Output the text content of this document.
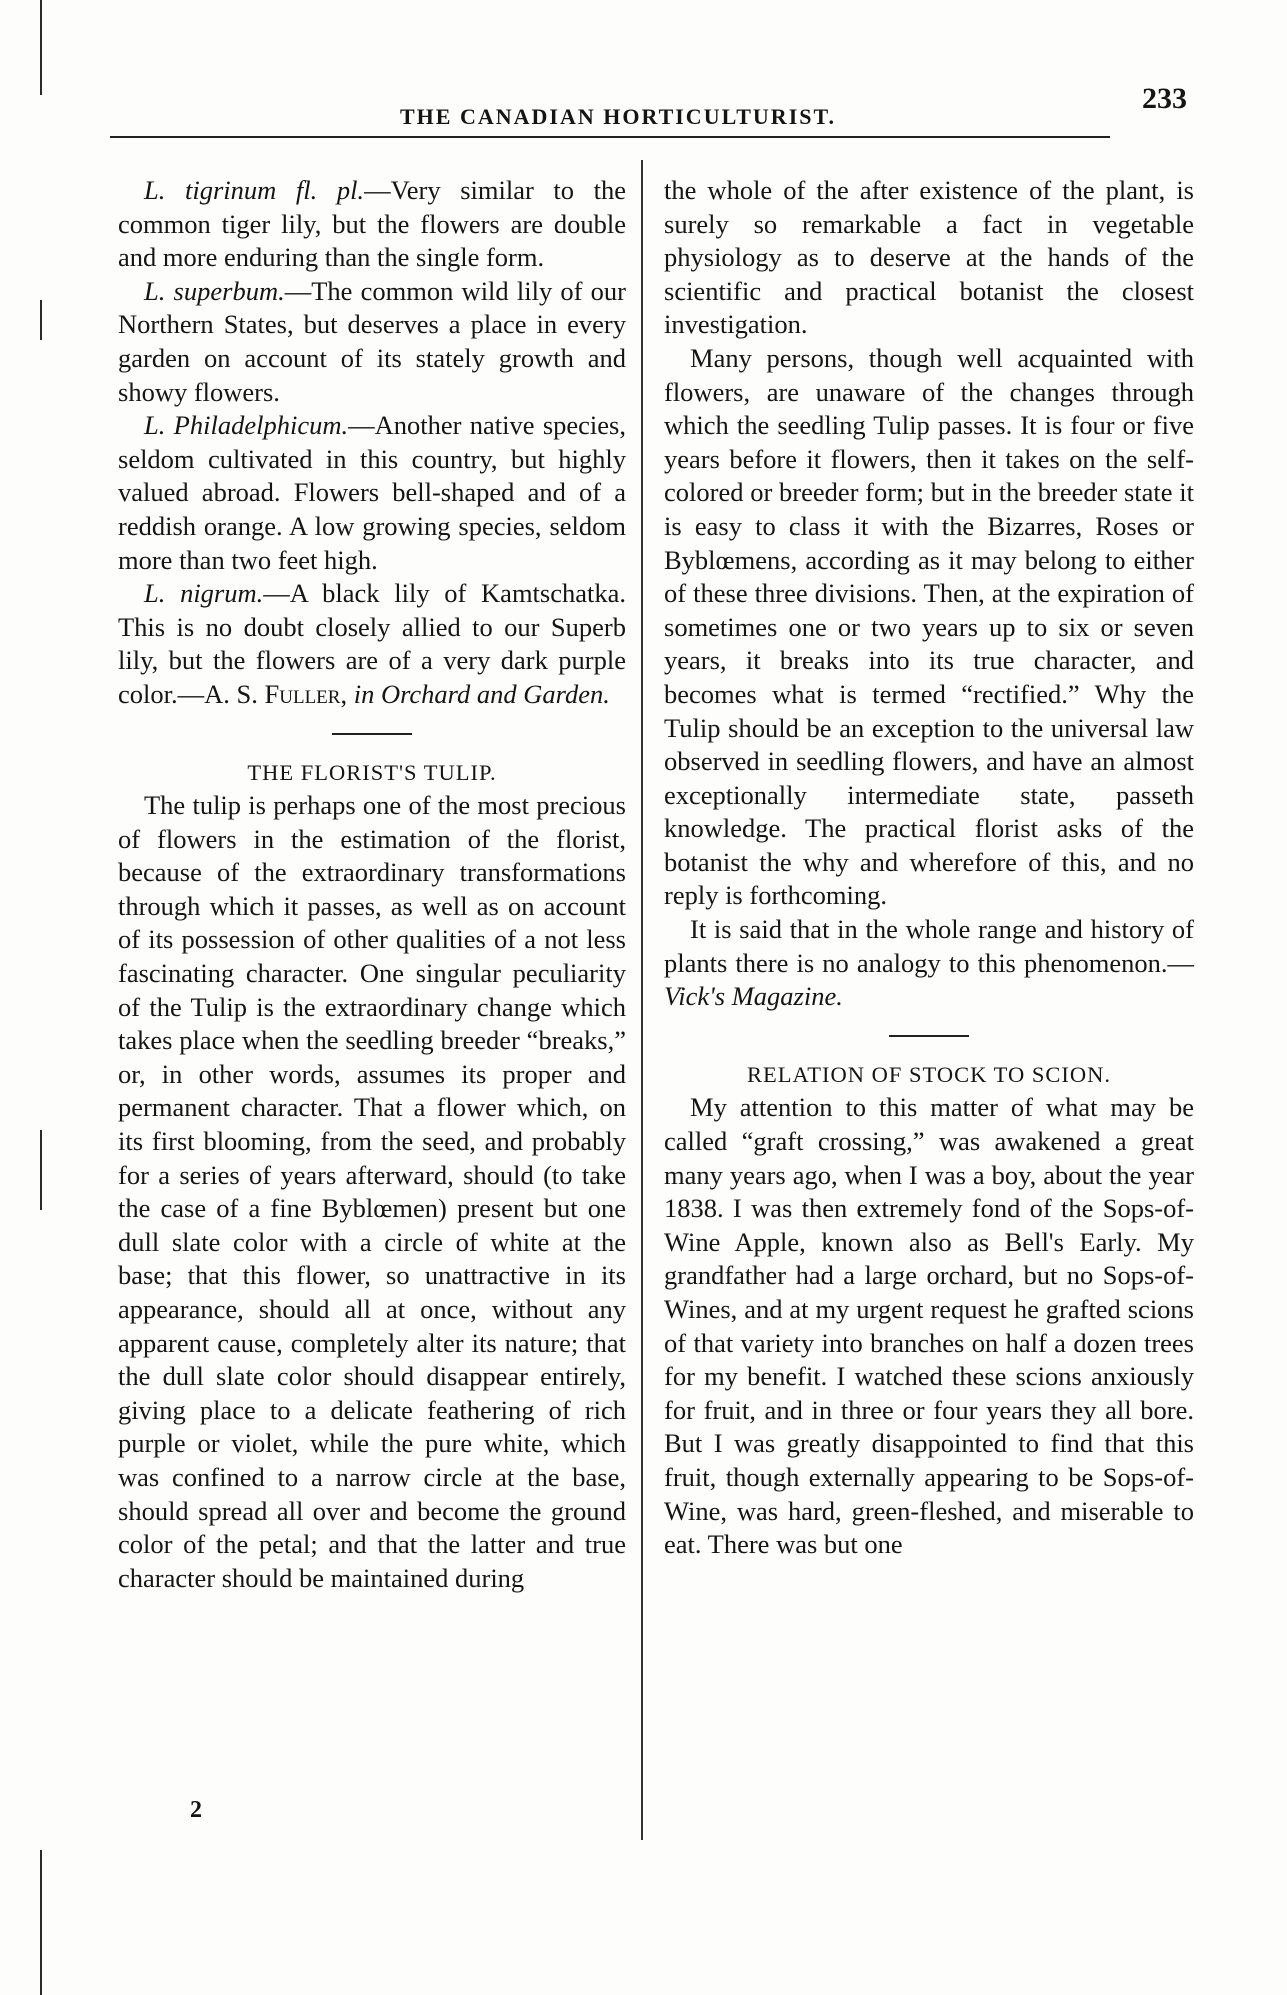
THE CANADIAN HORTICULTURIST.
233

L. tigrinum fl. pl.—Very similar to the common tiger lily, but the flowers are double and more enduring than the single form.

L. superbum.—The common wild lily of our Northern States, but deserves a place in every garden on account of its stately growth and showy flowers.

L. Philadelphicum.—Another native species, seldom cultivated in this country, but highly valued abroad. Flowers bell-shaped and of a reddish orange. A low growing species, seldom more than two feet high.

L. nigrum.—A black lily of Kamtschatka. This is no doubt closely allied to our Superb lily, but the flowers are of a very dark purple color.—A. S. Fuller, in Orchard and Garden.

THE FLORIST'S TULIP.

The tulip is perhaps one of the most precious of flowers in the estimation of the florist, because of the extraordinary transformations through which it passes, as well as on account of its possession of other qualities of a not less fascinating character. One singular peculiarity of the Tulip is the extraordinary change which takes place when the seedling breeder “breaks,” or, in other words, assumes its proper and permanent character. That a flower which, on its first blooming, from the seed, and probably for a series of years afterward, should (to take the case of a fine Byblœmen) present but one dull slate color with a circle of white at the base; that this flower, so unattractive in its appearance, should all at once, without any apparent cause, completely alter its nature; that the dull slate color should disappear entirely, giving place to a delicate feathering of rich purple or violet, while the pure white, which was confined to a narrow circle at the base, should spread all over and become the ground color of the petal; and that the latter and true character should be maintained during

the whole of the after existence of the plant, is surely so remarkable a fact in vegetable physiology as to deserve at the hands of the scientific and practical botanist the closest investigation.

Many persons, though well acquainted with flowers, are unaware of the changes through which the seedling Tulip passes. It is four or five years before it flowers, then it takes on the self-colored or breeder form; but in the breeder state it is easy to class it with the Bizarres, Roses or Byblœmens, according as it may belong to either of these three divisions. Then, at the expiration of sometimes one or two years up to six or seven years, it breaks into its true character, and becomes what is termed “rectified.” Why the Tulip should be an exception to the universal law observed in seedling flowers, and have an almost exceptionally intermediate state, passeth knowledge. The practical florist asks of the botanist the why and wherefore of this, and no reply is forthcoming.

It is said that in the whole range and history of plants there is no analogy to this phenomenon.—Vick's Magazine.

RELATION OF STOCK TO SCION.

My attention to this matter of what may be called “graft crossing,” was awakened a great many years ago, when I was a boy, about the year 1838. I was then extremely fond of the Sops-of-Wine Apple, known also as Bell's Early. My grandfather had a large orchard, but no Sops-of-Wines, and at my urgent request he grafted scions of that variety into branches on half a dozen trees for my benefit. I watched these scions anxiously for fruit, and in three or four years they all bore. But I was greatly disappointed to find that this fruit, though externally appearing to be Sops-of-Wine, was hard, green-fleshed, and miserable to eat. There was but one

2
